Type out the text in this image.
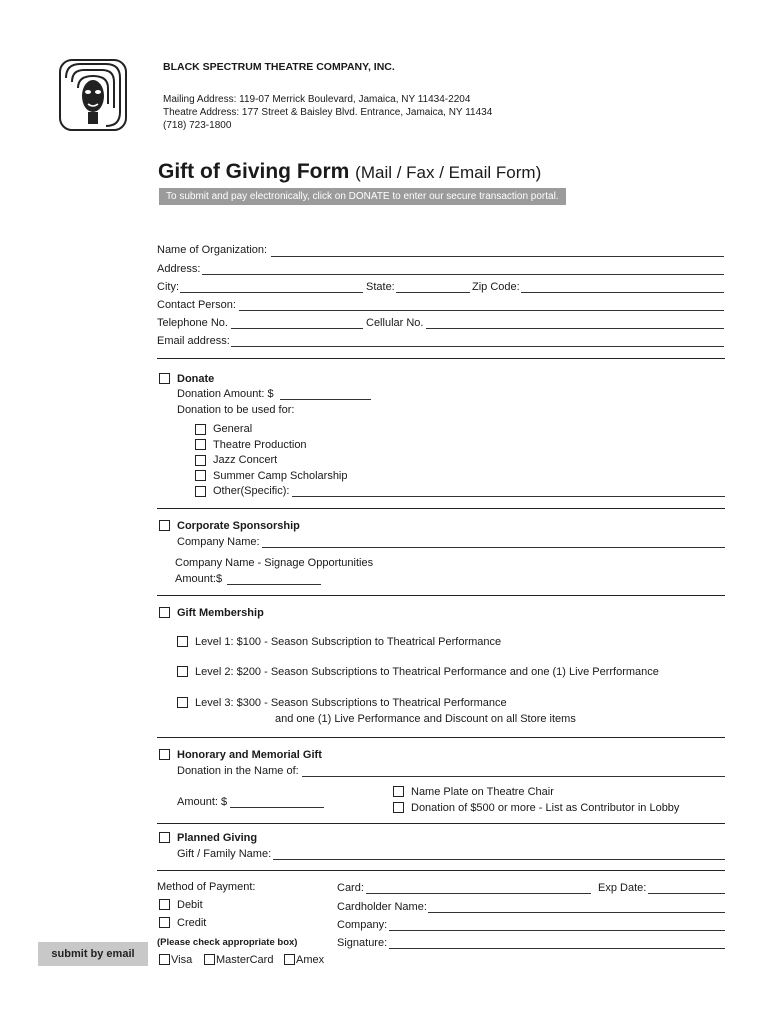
BLACK SPECTRUM THEATRE COMPANY, INC.
Mailing Address: 119-07 Merrick Boulevard, Jamaica, NY 11434-2204
Theatre Address: 177 Street & Baisley Blvd. Entrance, Jamaica, NY 11434
(718) 723-1800
Gift of Giving Form (Mail / Fax / Email Form)
To submit and pay electronically, click on DONATE to enter our secure transaction portal.
Name of Organization:
Address:
City:	State:	Zip Code:
Contact Person:
Telephone No.	Cellular No.
Email address:
Donate
Donation Amount: $
Donation to be used for:
General
Theatre Production
Jazz Concert
Summer Camp Scholarship
Other(Specific):
Corporate Sponsorship
Company Name:
Company Name - Signage Opportunities
Amount:$
Gift Membership
Level 1: $100 - Season Subscription to Theatrical Performance
Level 2: $200 - Season Subscriptions to Theatrical Performance and one (1) Live Perrformance
Level 3: $300 - Season Subscriptions to Theatrical Performance
and one (1) Live Performance and Discount on all Store items
Honorary and Memorial Gift
Donation in the Name of:
Amount: $
Name Plate on Theatre Chair
Donation of $500 or more - List as Contributor in Lobby
Planned Giving
Gift / Family Name:
Method of Payment:
Debit
Credit
(Please check appropriate box)
Visa MasterCard Amex
Card:	Exp Date:
Cardholder Name:
Company:
Signature:
submit by email
